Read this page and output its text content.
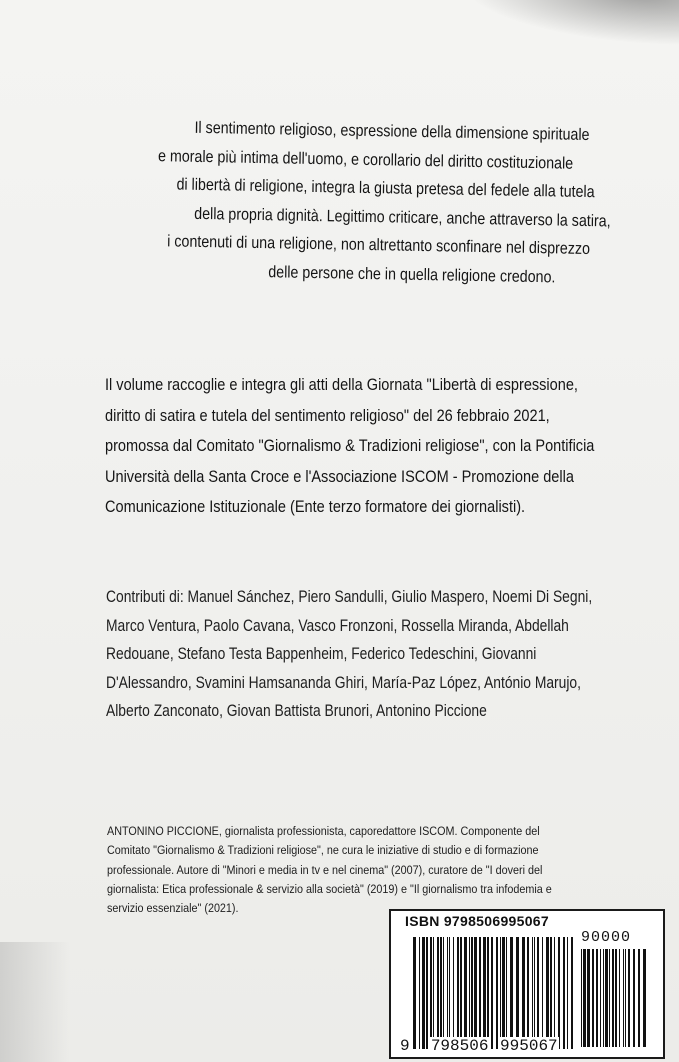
Il sentimento religioso, espressione della dimensione spirituale
e morale più intima dell'uomo, e corollario del diritto costituzionale
di libertà di religione, integra la giusta pretesa del fedele alla tutela
della propria dignità. Legittimo criticare, anche attraverso la satira,
i contenuti di una religione, non altrettanto sconfinare nel disprezzo
delle persone che in quella religione credono.
Il volume raccoglie e integra gli atti della Giornata "Libertà di espressione,
diritto di satira e tutela del sentimento religioso" del 26 febbraio 2021,
promossa dal Comitato "Giornalismo & Tradizioni religiose", con la Pontificia
Università della Santa Croce e l'Associazione ISCOM - Promozione della
Comunicazione Istituzionale (Ente terzo formatore dei giornalisti).
Contributi di: Manuel Sánchez, Piero Sandulli, Giulio Maspero, Noemi Di Segni,
Marco Ventura, Paolo Cavana, Vasco Fronzoni, Rossella Miranda, Abdellah
Redouane, Stefano Testa Bappenheim, Federico Tedeschini, Giovanni
D'Alessandro, Svamini Hamsananda Ghiri, María-Paz López, António Marujo,
Alberto Zanconato, Giovan Battista Brunori, Antonino Piccione
ANTONINO PICCIONE, giornalista professionista, caporedattore ISCOM. Componente del
Comitato "Giornalismo & Tradizioni religiose", ne cura le iniziative di studio e di formazione
professionale. Autore di "Minori e media in tv e nel cinema" (2007), curatore de "I doveri del
giornalista: Etica professionale & servizio alla società" (2019) e "Il giornalismo tra infodemia e
servizio essenziale" (2021).
ISBN 9798506995067
90000
9 798506 995067
